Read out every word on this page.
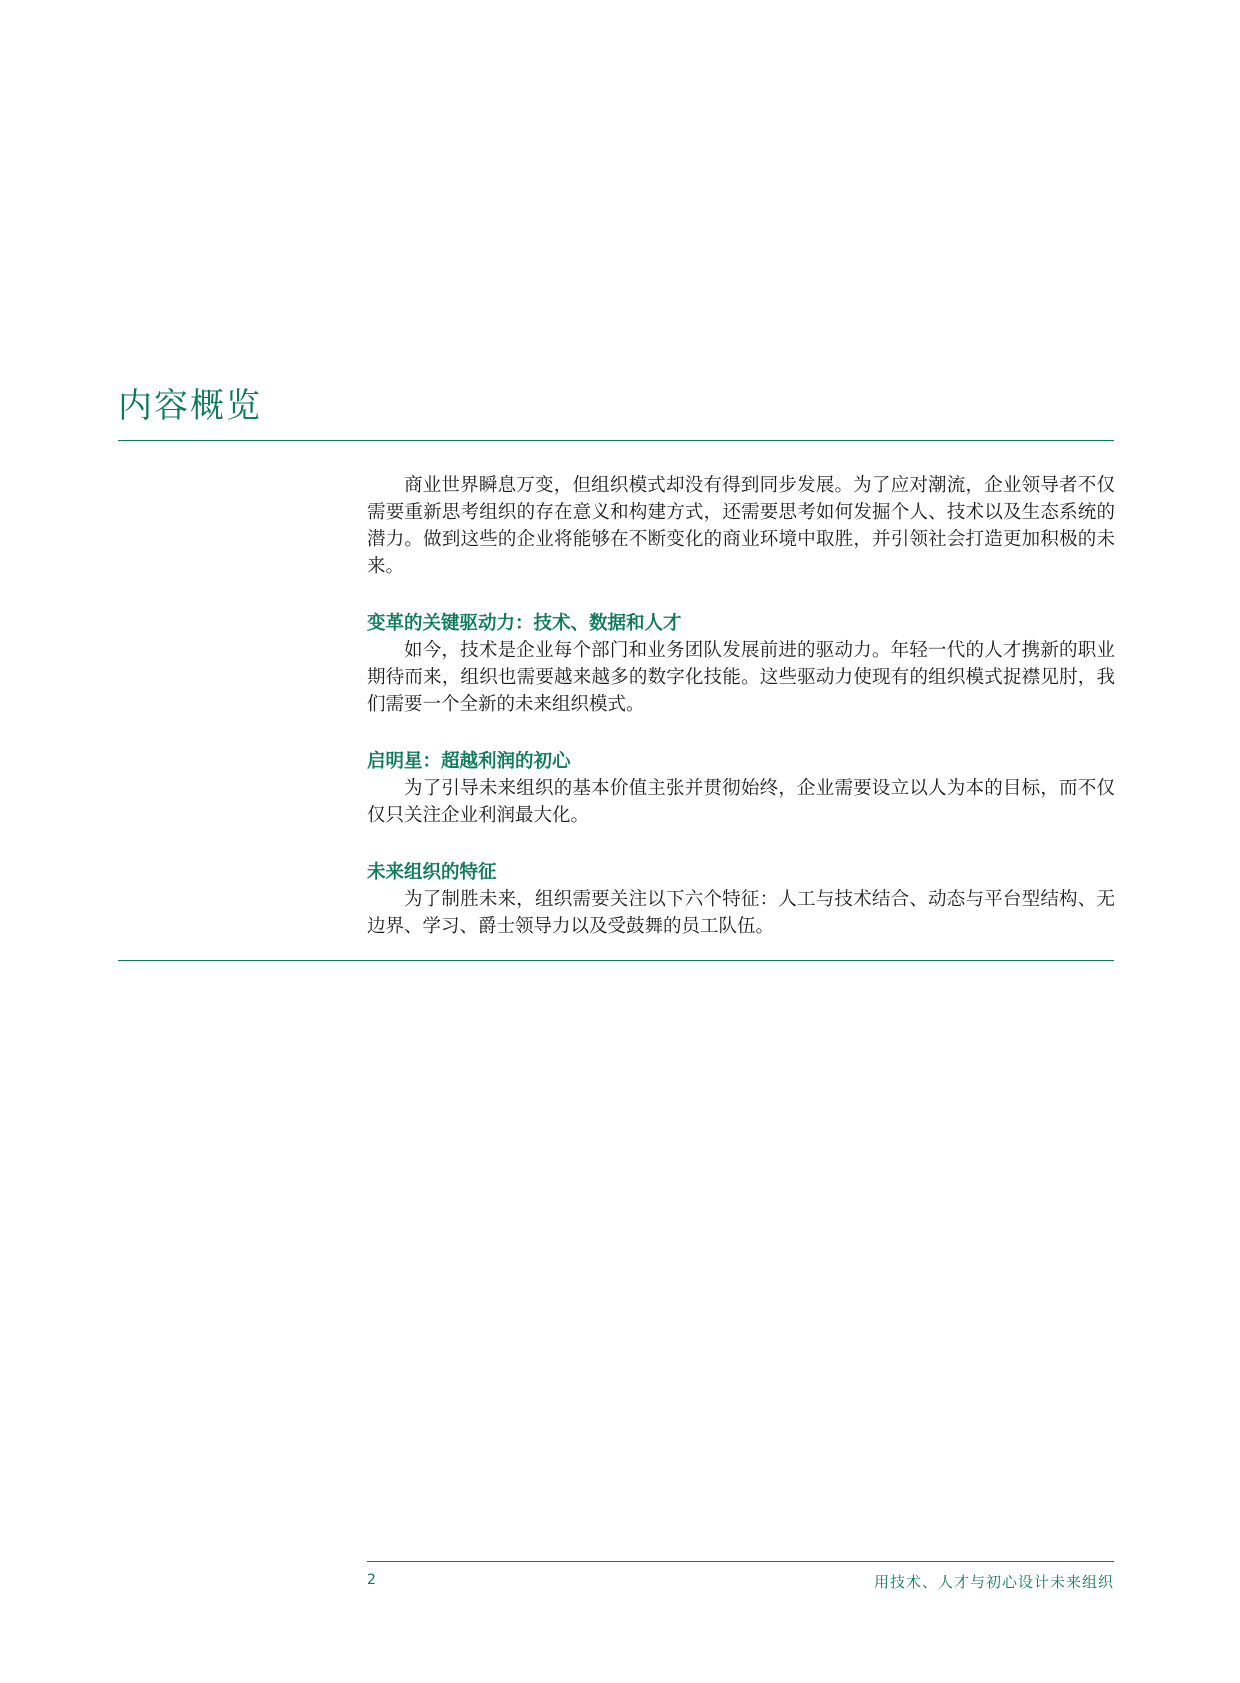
内容概览

商业世界瞬息万变，但组织模式却没有得到同步发展。为了应对潮流，企业领导者不仅需要重新思考组织的存在意义和构建方式，还需要思考如何发掘个人、技术以及生态系统的潜力。做到这些的企业将能够在不断变化的商业环境中取胜，并引领社会打造更加积极的未来。

变革的关键驱动力：技术、数据和人才

如今，技术是企业每个部门和业务团队发展前进的驱动力。年轻一代的人才携新的职业期待而来，组织也需要越来越多的数字化技能。这些驱动力使现有的组织模式捉襟见肘，我们需要一个全新的未来组织模式。

启明星：超越利润的初心

为了引导未来组织的基本价值主张并贯彻始终，企业需要设立以人为本的目标，而不仅仅只关注企业利润最大化。

未来组织的特征

为了制胜未来，组织需要关注以下六个特征：人工与技术结合、动态与平台型结构、无边界、学习、爵士领导力以及受鼓舞的员工队伍。

2	用技术、人才与初心设计未来组织
